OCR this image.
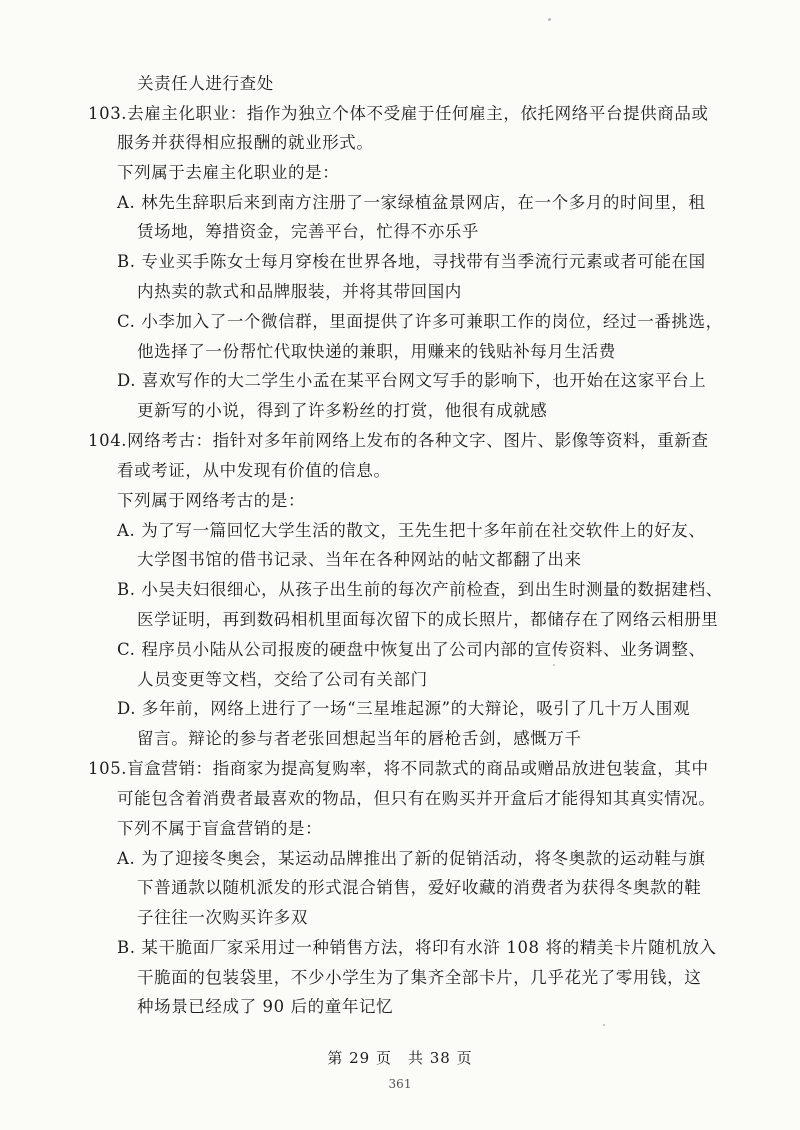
关责任人进行查处
103.去雇主化职业：指作为独立个体不受雇于任何雇主，依托网络平台提供商品或
服务并获得相应报酬的就业形式。
下列属于去雇主化职业的是：
A. 林先生辞职后来到南方注册了一家绿植盆景网店，在一个多月的时间里，租
赁场地，筹措资金，完善平台，忙得不亦乐乎
B. 专业买手陈女士每月穿梭在世界各地，寻找带有当季流行元素或者可能在国
内热卖的款式和品牌服装，并将其带回国内
C. 小李加入了一个微信群，里面提供了许多可兼职工作的岗位，经过一番挑选，
他选择了一份帮忙代取快递的兼职，用赚来的钱贴补每月生活费
D. 喜欢写作的大二学生小孟在某平台网文写手的影响下，也开始在这家平台上
更新写的小说，得到了许多粉丝的打赏，他很有成就感
104.网络考古：指针对多年前网络上发布的各种文字、图片、影像等资料，重新查
看或考证，从中发现有价值的信息。
下列属于网络考古的是：
A. 为了写一篇回忆大学生活的散文，王先生把十多年前在社交软件上的好友、
大学图书馆的借书记录、当年在各种网站的帖文都翻了出来
B. 小吴夫妇很细心，从孩子出生前的每次产前检查，到出生时测量的数据建档、
医学证明，再到数码相机里面每次留下的成长照片，都储存在了网络云相册里
C. 程序员小陆从公司报废的硬盘中恢复出了公司内部的宣传资料、业务调整、
人员变更等文档，交给了公司有关部门
D. 多年前，网络上进行了一场“三星堆起源”的大辩论，吸引了几十万人围观
留言。辩论的参与者老张回想起当年的唇枪舌剑，感慨万千
105.盲盒营销：指商家为提高复购率，将不同款式的商品或赠品放进包装盒，其中
可能包含着消费者最喜欢的物品，但只有在购买并开盒后才能得知其真实情况。
下列不属于盲盒营销的是：
A. 为了迎接冬奥会，某运动品牌推出了新的促销活动，将冬奥款的运动鞋与旗
下普通款以随机派发的形式混合销售，爱好收藏的消费者为获得冬奥款的鞋
子往往一次购买许多双
B. 某干脆面厂家采用过一种销售方法，将印有水浒 108 将的精美卡片随机放入
干脆面的包装袋里，不少小学生为了集齐全部卡片，几乎花光了零用钱，这
种场景已经成了 90 后的童年记忆
第 29 页　共 38 页
361
